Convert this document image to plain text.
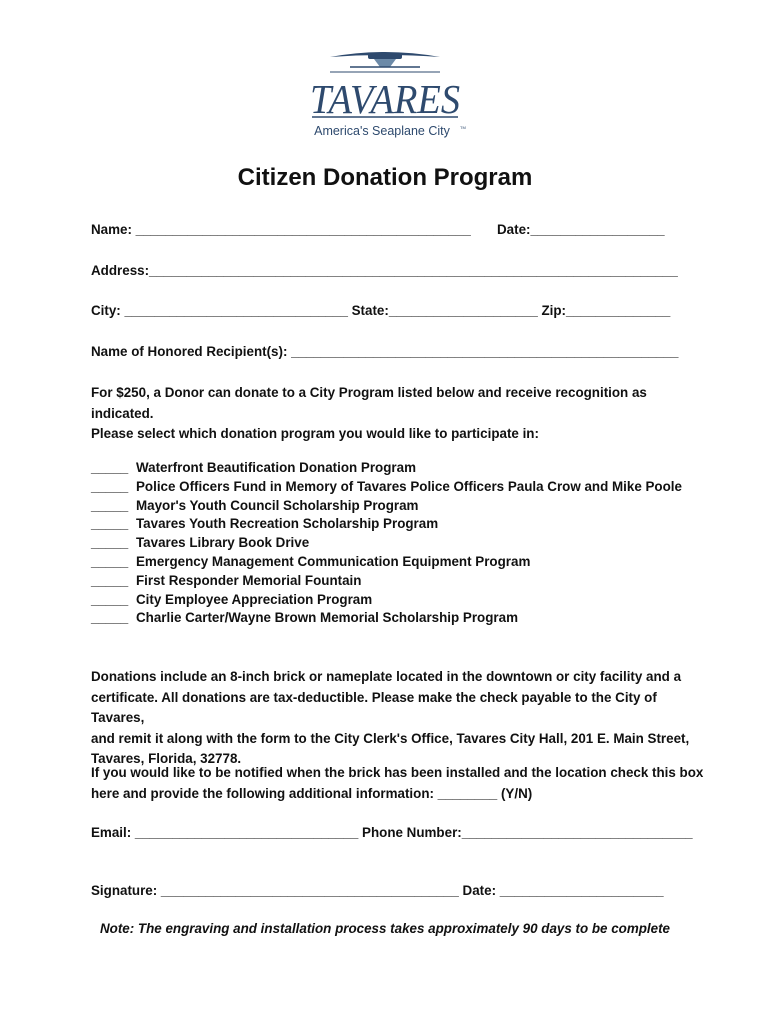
TAVARES
America's Seaplane City	TM
Citizen Donation Program
Name: _____________________________________________ Date:__________________
Address:_______________________________________________________________________
City: ______________________________ State:____________________ Zip:______________
Name of Honored Recipient(s): ____________________________________________________
For $250, a Donor can donate to a City Program listed below and receive recognition as indicated.
Please select which donation program you would like to participate in:
_____ Waterfront Beautification Donation Program
_____ Police Officers Fund in Memory of Tavares Police Officers Paula Crow and Mike Poole
_____ Mayor's Youth Council Scholarship Program
_____ Tavares Youth Recreation Scholarship Program
_____ Tavares Library Book Drive
_____ Emergency Management Communication Equipment Program
_____ First Responder Memorial Fountain
_____ City Employee Appreciation Program
_____ Charlie Carter/Wayne Brown Memorial Scholarship Program
Donations include an 8-inch brick or nameplate located in the downtown or city facility and a
certificate. All donations are tax-deductible. Please make the check payable to the City of Tavares,
and remit it along with the form to the City Clerk's Office, Tavares City Hall, 201 E. Main Street,
Tavares, Florida, 32778.
If you would like to be notified when the brick has been installed and the location check this box
here and provide the following additional information: ________ (Y/N)
Email: ______________________________ Phone Number:_______________________________
Signature: ________________________________________ Date: ______________________
Note: The engraving and installation process takes approximately 90 days to be complete
